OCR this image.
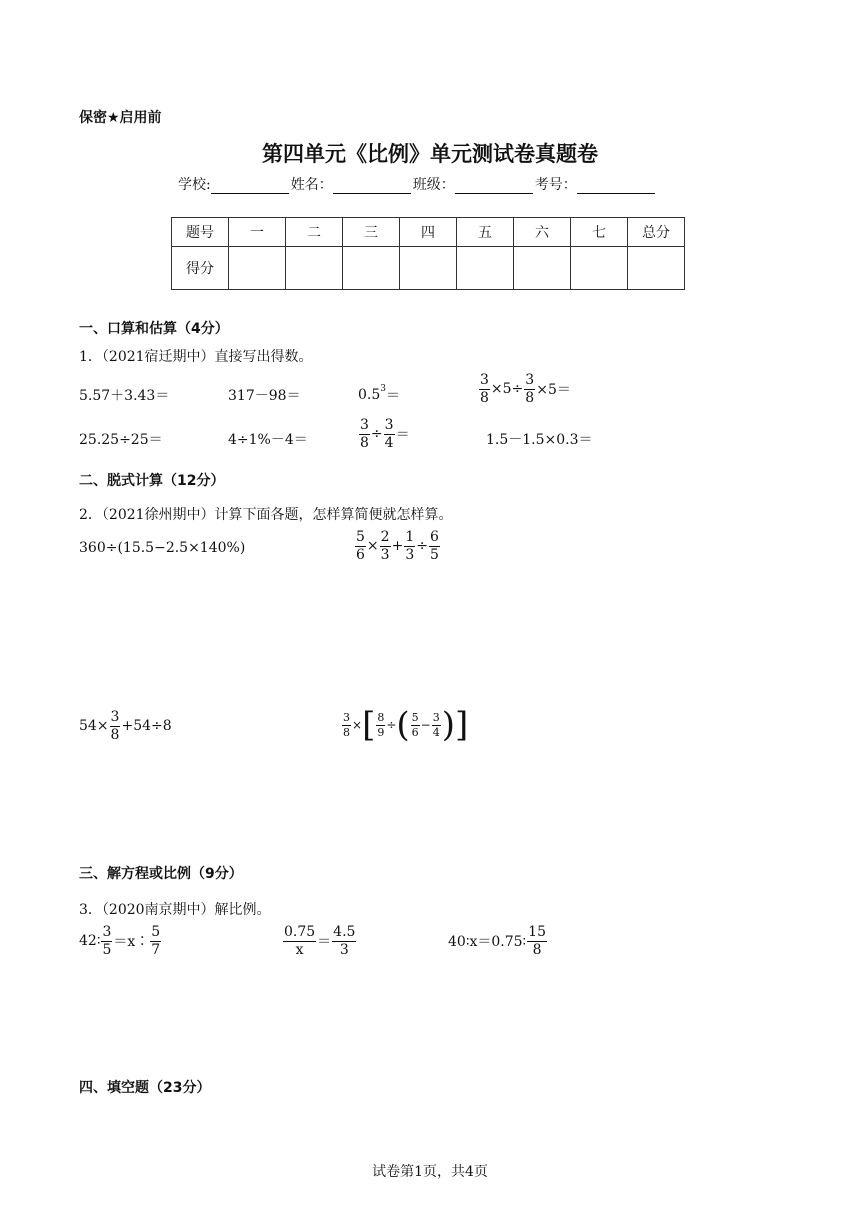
保密★启用前
第四单元《比例》单元测试卷真题卷
学校:	姓名：	班级：	考号：
题号	一	二	三	四	五	六	七	总分
得分								
一、口算和估算（4分）
1．（2021宿迁期中）直接写出得数。
5.57＋3.43＝	317－98＝	0.5 3 ＝	$\frac{3}{8} \times 5\div \frac{3}{8} \times 5=$
25.25÷25＝	4÷1%－4＝	$\frac{3}{8} \div \frac{3}{4}$ ＝	1.5－1.5×0.3＝
二、脱式计算（12分）
2．（2021徐州期中）计算下面各题，怎样算简便就怎样算。
360÷(15.5−2.5×140%)	$\frac{5}{6} \times \frac{2}{3} + \frac{1}{3} \div \frac{6}{5}$
$54\times \frac{3}{8} +54\div 8$	$\frac{3}{8}$ × [ $\frac{8}{9}$ ÷ ( $\frac{5}{6} - \frac{3}{4}$ ) ]
三、解方程或比例（9分）
3．（2020南京期中）解比例。
42∶ $\frac{3}{5}$ ＝x∶ $\frac{5}{7}$	$\frac{0.75}{x} = \frac{4.5}{3}$	40∶x＝0.75∶ $\frac{15}{8}$
四、填空题（23分）
试卷第1页，共4页
